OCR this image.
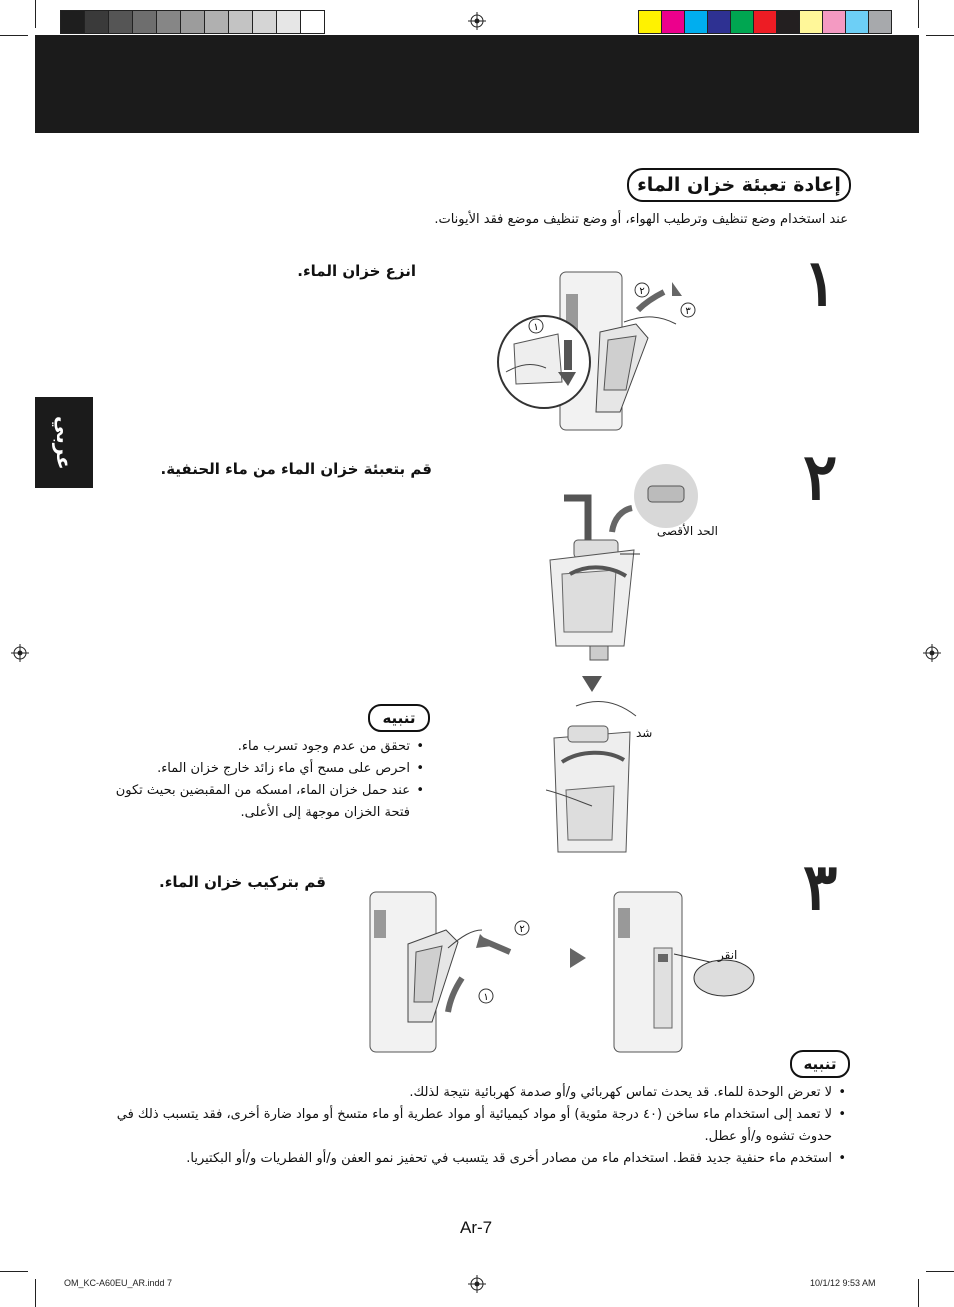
عربي
إعادة تعبئة خزان الماء
عند استخدام وضع تنظيف وترطيب الهواء، أو وضع تنظيف موضع فقد الأيونات.
١
انزع خزان الماء.
١
٢
٣
٢
قم بتعبئة خزان الماء من ماء الحنفية.
الحد الأقصى
شد
تنبيه
• تحقق من عدم وجود تسرب ماء.
• احرص على مسح أي ماء زائد خارج خزان الماء.
• عند حمل خزان الماء، امسكه من المقبضين بحيث تكون فتحة الخزان موجهة إلى الأعلى.
٣
قم بتركيب خزان الماء.
٢
١
انقر
تنبيه
• لا تعرض الوحدة للماء. قد يحدث تماس كهربائي و/أو صدمة كهربائية نتيجة لذلك.
• لا تعمد إلى استخدام ماء ساخن (٤٠ درجة مئوية) أو مواد كيميائية أو مواد عطرية أو ماء متسخ أو مواد ضارة أخرى، فقد يتسبب ذلك في حدوث تشوه و/أو عطل.
• استخدم ماء حنفية جديد فقط. استخدام ماء من مصادر أخرى قد يتسبب في تحفيز نمو العفن و/أو الفطريات و/أو البكتيريا.
Ar-7
OM_KC-A60EU_AR.indd 7	10/1/12 9:53 AM
